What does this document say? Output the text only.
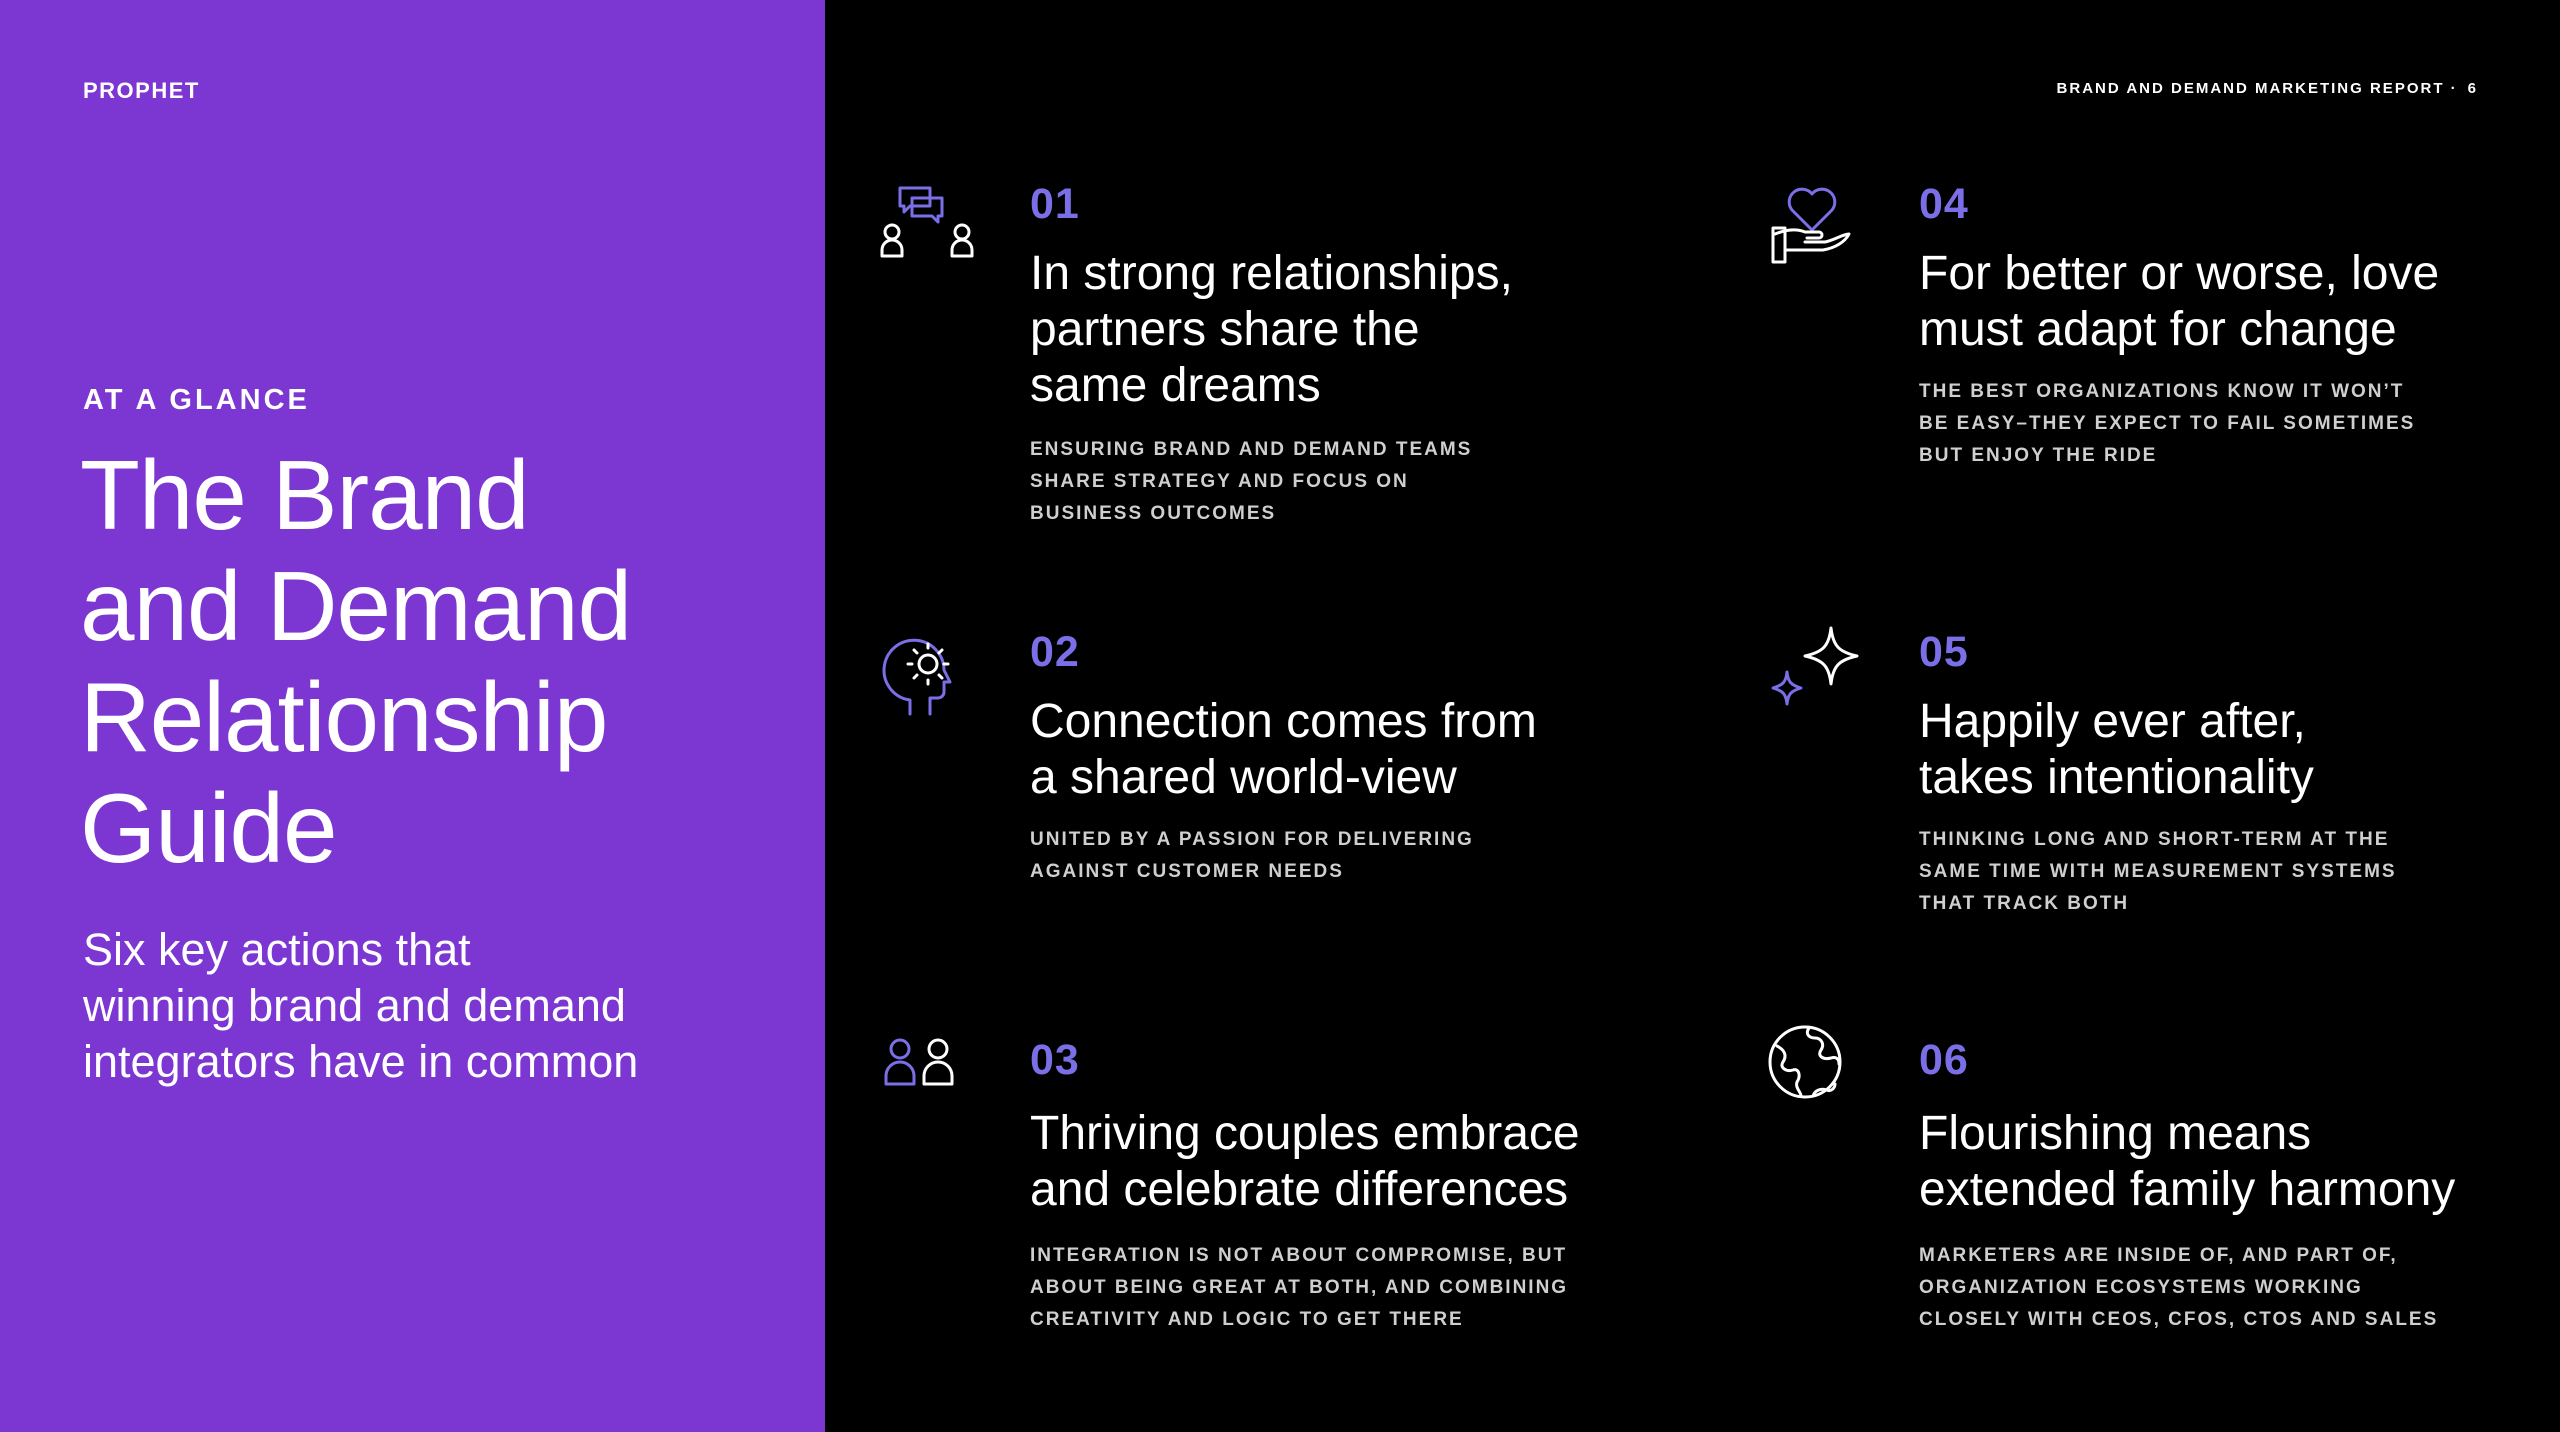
PROPHET
AT A GLANCE
The Brand
and Demand
Relationship
Guide
Six key actions that
winning brand and demand
integrators have in common
BRAND AND DEMAND MARKETING REPORT · 6
01
In strong relationships,
partners share the
same dreams
ENSURING BRAND AND DEMAND TEAMS
SHARE STRATEGY AND FOCUS ON
BUSINESS OUTCOMES
02
Connection comes from
a shared world-view
UNITED BY A PASSION FOR DELIVERING
AGAINST CUSTOMER NEEDS
03
Thriving couples embrace
and celebrate differences
INTEGRATION IS NOT ABOUT COMPROMISE, BUT
ABOUT BEING GREAT AT BOTH, AND COMBINING
CREATIVITY AND LOGIC TO GET THERE
04
For better or worse, love
must adapt for change
THE BEST ORGANIZATIONS KNOW IT WON’T
BE EASY–THEY EXPECT TO FAIL SOMETIMES
BUT ENJOY THE RIDE
05
Happily ever after,
takes intentionality
THINKING LONG AND SHORT-TERM AT THE
SAME TIME WITH MEASUREMENT SYSTEMS
THAT TRACK BOTH
06
Flourishing means
extended family harmony
MARKETERS ARE INSIDE OF, AND PART OF,
ORGANIZATION ECOSYSTEMS WORKING
CLOSELY WITH CEOS, CFOS, CTOS AND SALES
